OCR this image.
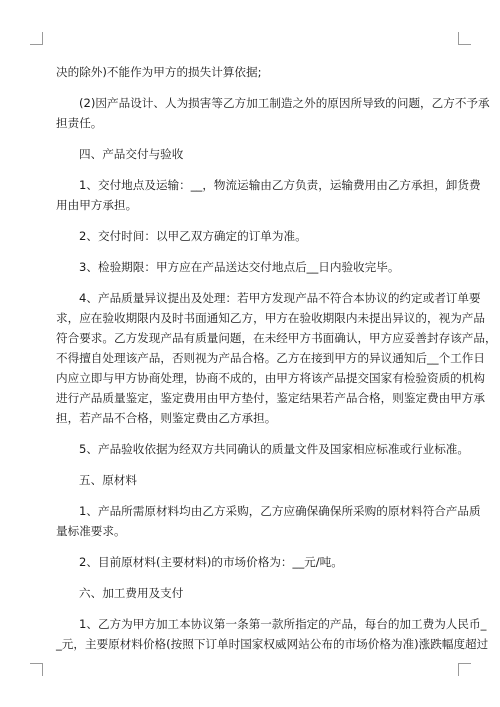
决的除外)不能作为甲方的损失计算依据;
(2)因产品设计、人为损害等乙方加工制造之外的原因所导致的问题，乙方不予承
担责任。
四、产品交付与验收
1、交付地点及运输：__，物流运输由乙方负责，运输费用由乙方承担，卸货费
用由甲方承担。
2、交付时间：以甲乙双方确定的订单为准。
3、检验期限：甲方应在产品送达交付地点后__日内验收完毕。
4、产品质量异议提出及处理：若甲方发现产品不符合本协议的约定或者订单要
求，应在验收期限内及时书面通知乙方，甲方在验收期限内未提出异议的，视为产品
符合要求。乙方发现产品有质量问题，在未经甲方书面确认，甲方应妥善封存该产品，
不得擅自处理该产品，否则视为产品合格。乙方在接到甲方的异议通知后__个工作日
内应立即与甲方协商处理，协商不成的，由甲方将该产品提交国家有检验资质的机构
进行产品质量鉴定，鉴定费用由甲方垫付，鉴定结果若产品合格，则鉴定费由甲方承
担，若产品不合格，则鉴定费由乙方承担。
5、产品验收依据为经双方共同确认的质量文件及国家相应标准或行业标准。
五、原材料
1、产品所需原材料均由乙方采购，乙方应确保确保所采购的原材料符合产品质
量标准要求。
2、目前原材料(主要材料)的市场价格为：__元/吨。
六、加工费用及支付
1、乙方为甲方加工本协议第一条第一款所指定的产品，每台的加工费为人民币_
_元，主要原材料价格(按照下订单时国家权威网站公布的市场价格为准)涨跌幅度超过
